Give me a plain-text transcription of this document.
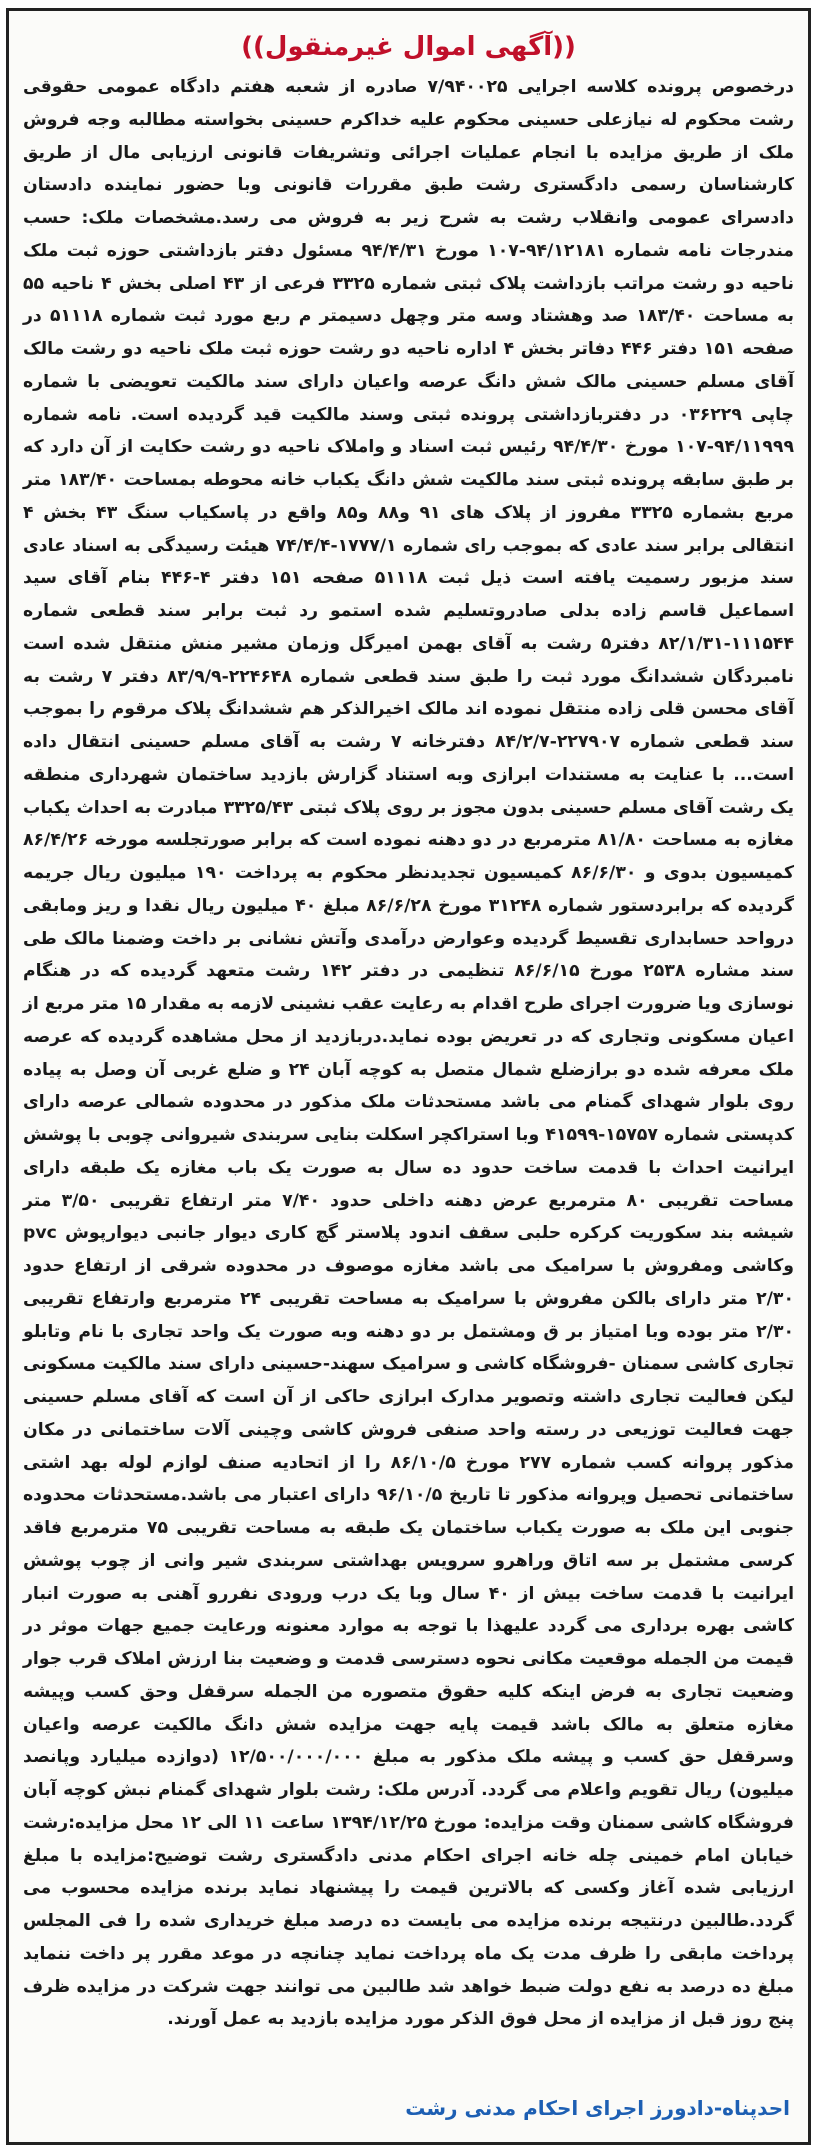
((آگهی اموال غیرمنقول))

درخصوص پرونده کلاسه اجرایی ۷/۹۴۰۰۲۵ صادره از شعبه هفتم دادگاه عمومی حقوقی رشت محکوم له نیازعلی حسینی محکوم علیه خداکرم حسینی بخواسته مطالبه وجه فروش ملک از طریق مزایده با انجام عملیات اجرائی وتشریفات قانونی ارزیابی مال از طریق کارشناسان رسمی دادگستری رشت طبق مقررات قانونی وبا حضور نماینده دادستان دادسرای عمومی وانقلاب رشت به شرح زیر به فروش می رسد.مشخصات ملک: حسب مندرجات نامه شماره ۹۴/۱۲۱۸۱-۱۰۷ مورخ ۹۴/۴/۳۱ مسئول دفتر بازداشتی حوزه ثبت ملک ناحیه دو رشت مراتب بازداشت پلاک ثبتی شماره ۳۳۲۵ فرعی از ۴۳ اصلی بخش ۴ ناحیه ۵۵ به مساحت ۱۸۳/۴۰ صد وهشتاد وسه متر وچهل دسیمتر م ربع مورد ثبت شماره ۵۱۱۱۸ در صفحه ۱۵۱ دفتر ۴۴۶ دفاتر بخش ۴ اداره ناحیه دو رشت حوزه ثبت ملک ناحیه دو رشت مالک آقای مسلم حسینی مالک شش دانگ عرصه واعیان دارای سند مالکیت تعویضی با شماره چاپی ۰۳۶۲۲۹ در دفتربازداشتی پرونده ثبتی وسند مالکیت قید گردیده است. نامه شماره ۹۴/۱۱۹۹۹-۱۰۷ مورخ ۹۴/۴/۳۰ رئیس ثبت اسناد و واملاک ناحیه دو رشت حکایت از آن دارد که بر طبق سابقه پرونده ثبتی سند مالکیت شش دانگ یکباب خانه محوطه بمساحت ۱۸۳/۴۰ متر مربع بشماره ۳۳۲۵ مفروز از پلاک های ۹۱ و۸۸ و۸۵ واقع در پاسکیاب سنگ ۴۳ بخش ۴ انتقالی برابر سند عادی که بموجب رای شماره ۱۷۷۷/۱-۷۴/۴/۴ هیئت رسیدگی به اسناد عادی سند مزبور رسمیت یافته است ذیل ثبت ۵۱۱۱۸ صفحه ۱۵۱ دفتر ۴-۴۴۶ بنام آقای سید اسماعیل قاسم زاده بدلی صادروتسلیم شده استمو رد ثبت برابر سند قطعی شماره ۱۱۱۵۴۴-۸۲/۱/۳۱ دفتر۵ رشت به آقای بهمن امیرگل وزمان مشیر منش منتقل شده است نامبردگان ششدانگ مورد ثبت را طبق سند قطعی شماره ۲۲۴۶۴۸-۸۳/۹/۹ دفتر ۷ رشت به آقای محسن قلی زاده منتقل نموده اند مالک اخیرالذکر هم ششدانگ پلاک مرقوم را بموجب سند قطعی شماره ۲۲۷۹۰۷-۸۴/۲/۷ دفترخانه ۷ رشت به آقای مسلم حسینی انتقال داده است... با عنایت به مستندات ابرازی وبه استناد گزارش بازدید ساختمان شهرداری منطقه یک رشت آقای مسلم حسینی بدون مجوز بر روی پلاک ثبتی ۳۳۲۵/۴۳ مبادرت به احداث یکباب مغازه به مساحت ۸۱/۸۰ مترمربع در دو دهنه نموده است که برابر صورتجلسه مورخه ۸۶/۴/۲۶ کمیسیون بدوی و ۸۶/۶/۳۰ کمیسیون تجدیدنظر محکوم به پرداخت ۱۹۰ میلیون ریال جریمه گردیده که برابردستور شماره ۳۱۲۴۸ مورخ ۸۶/۶/۲۸ مبلغ ۴۰ میلیون ریال نقدا و ریز ومابقی درواحد حسابداری تقسیط گردیده وعوارض درآمدی وآتش نشانی بر داخت وضمنا مالک طی سند مشاره ۲۵۳۸ مورخ ۸۶/۶/۱۵ تنظیمی در دفتر ۱۴۲ رشت متعهد گردیده که در هنگام نوسازی ویا ضرورت اجرای طرح اقدام به رعایت عقب نشینی لازمه به مقدار ۱۵ متر مربع از اعیان مسکونی وتجاری که در تعریض بوده نماید.دربازدید از محل مشاهده گردیده که عرصه ملک معرفه شده دو برازضلع شمال متصل به کوچه آبان ۲۴ و ضلع غربی آن وصل به پیاده روی بلوار شهدای گمنام می باشد مستحدثات ملک مذکور در محدوده شمالی عرصه دارای کدپستی شماره ۱۵۷۵۷-۴۱۵۹۹ وبا استراکچر اسکلت بنایی سربندی شیروانی چوبی با پوشش ایرانیت احداث با قدمت ساخت حدود ده سال به صورت یک باب مغازه یک طبقه دارای مساحت تقریبی ۸۰ مترمربع عرض دهنه داخلی حدود ۷/۴۰ متر ارتفاع تقریبی ۳/۵۰ متر شیشه بند سکوریت کرکره حلبی سقف اندود پلاستر گچ کاری دیوار جانبی دیوارپوش pvc وکاشی ومفروش با سرامیک می باشد مغازه موصوف در محدوده شرقی از ارتفاع حدود ۲/۳۰ متر دارای بالکن مفروش با سرامیک به مساحت تقریبی ۲۴ مترمربع وارتفاع تقریبی ۲/۳۰ متر بوده وبا امتیاز بر ق ومشتمل بر دو دهنه وبه صورت یک واحد تجاری با نام وتابلو تجاری کاشی سمنان -فروشگاه کاشی و سرامیک سهند-حسینی دارای سند مالکیت مسکونی لیکن فعالیت تجاری داشته وتصویر مدارک ابرازی حاکی از آن است که آقای مسلم حسینی جهت فعالیت توزیعی در رسته واحد صنفی فروش کاشی وچینی آلات ساختمانی در مکان مذکور پروانه کسب شماره ۲۷۷ مورخ ۸۶/۱۰/۵ را از اتحادیه صنف لوازم لوله بهد اشتی ساختمانی تحصیل وپروانه مذکور تا تاریخ ۹۶/۱۰/۵ دارای اعتبار می باشد.مستحدثات محدوده جنوبی این ملک به صورت یکباب ساختمان یک طبقه به مساحت تقریبی ۷۵ مترمربع فاقد کرسی مشتمل بر سه اتاق وراهرو سرویس بهداشتی سربندی شیر وانی از چوب پوشش ایرانیت با قدمت ساخت بیش از ۴۰ سال وبا یک درب ورودی نفررو آهنی به صورت انبار کاشی بهره برداری می گردد علیهذا با توجه به موارد معنونه ورعایت جمیع جهات موثر در قیمت من الجمله موقعیت مکانی نحوه دسترسی قدمت و وضعیت بنا ارزش املاک قرب جوار وضعیت تجاری به فرض اینکه کلیه حقوق متصوره من الجمله سرقفل وحق کسب وپیشه مغازه متعلق به مالک باشد قیمت پایه جهت مزایده شش دانگ مالکیت عرصه واعیان وسرقفل حق کسب و پیشه ملک مذکور به مبلغ ۱۲/۵۰۰/۰۰۰/۰۰۰ (دوازده میلیارد وپانصد میلیون) ریال تقویم واعلام می گردد. آدرس ملک: رشت بلوار شهدای گمنام نبش کوچه آبان فروشگاه کاشی سمنان وقت مزایده: مورخ ۱۳۹۴/۱۲/۲۵ ساعت ۱۱ الی ۱۲ محل مزایده:رشت خیابان امام خمینی چله خانه اجرای احکام مدنی دادگستری رشت توضیح:مزایده با مبلغ ارزیابی شده آغاز وکسی که بالاترین قیمت را پیشنهاد نماید برنده مزایده محسوب می گردد.طالبین درنتیجه برنده مزایده می بایست ده درصد مبلغ خریداری شده را فی المجلس پرداخت مابقی را ظرف مدت یک ماه پرداخت نماید چنانچه در موعد مقرر پر داخت ننماید مبلغ ده درصد به نفع دولت ضبط خواهد شد طالبین می توانند جهت شرکت در مزایده ظرف پنج روز قبل از مزایده از محل فوق الذکر مورد مزایده بازدید به عمل آورند.

احدپناه-دادورز اجرای احکام مدنی رشت
